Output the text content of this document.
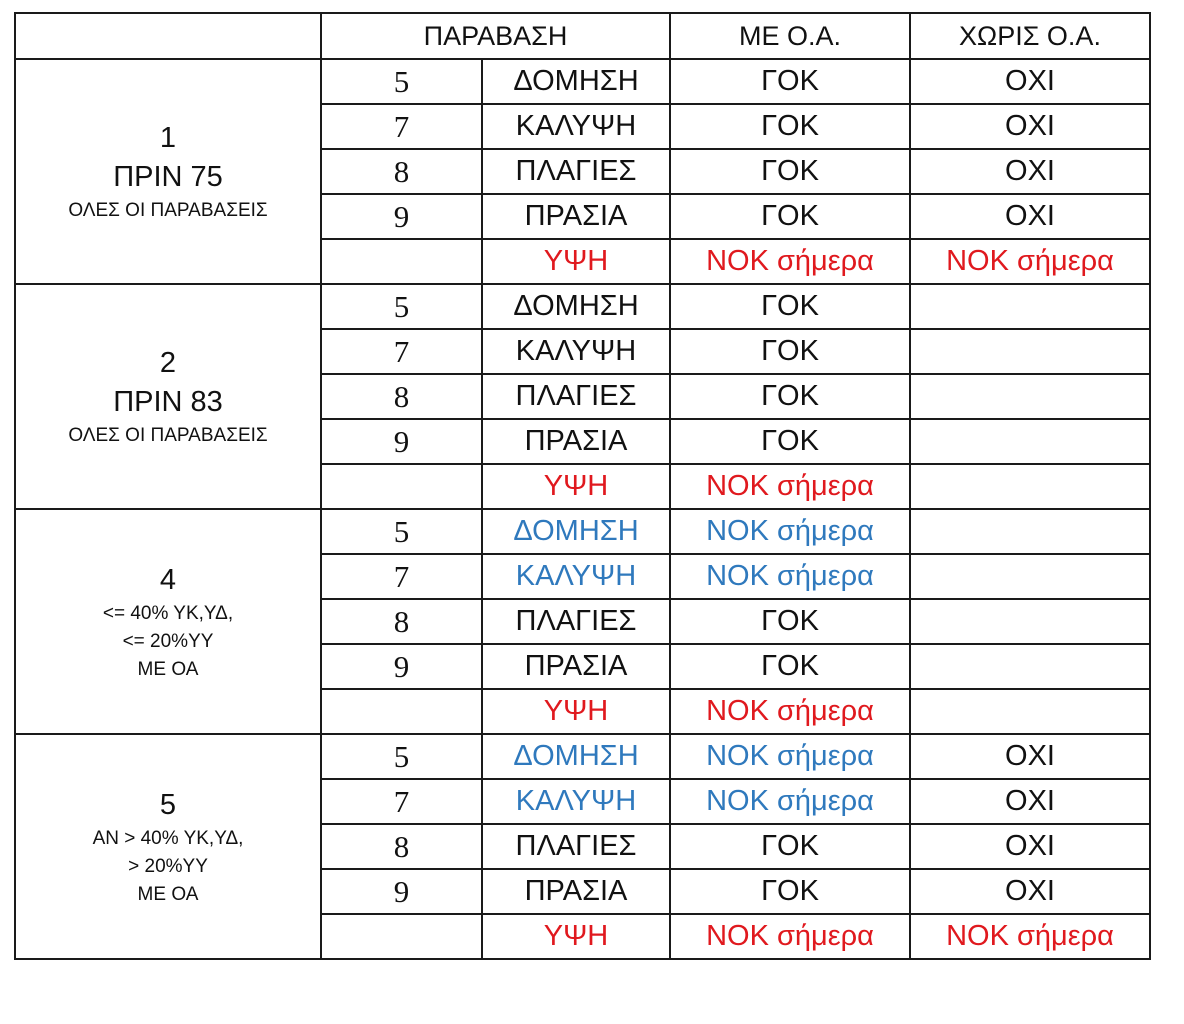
	ΠΑΡΑΒΑΣΗ		ΜΕ Ο.Α.	ΧΩΡΙΣ Ο.Α.

1
ΠΡΙΝ 75
ΟΛΕΣ ΟΙ ΠΑΡΑΒΑΣΕΙΣ	5	ΔΟΜΗΣΗ	ΓΟΚ	ΟΧΙ
	7	ΚΑΛΥΨΗ	ΓΟΚ	ΟΧΙ
	8	ΠΛΑΓΙΕΣ	ΓΟΚ	ΟΧΙ
	9	ΠΡΑΣΙΑ	ΓΟΚ	ΟΧΙ
		ΥΨΗ	ΝΟΚ σήμερα	ΝΟΚ σήμερα

2
ΠΡΙΝ 83
ΟΛΕΣ ΟΙ ΠΑΡΑΒΑΣΕΙΣ	5	ΔΟΜΗΣΗ	ΓΟΚ	
	7	ΚΑΛΥΨΗ	ΓΟΚ	
	8	ΠΛΑΓΙΕΣ	ΓΟΚ	
	9	ΠΡΑΣΙΑ	ΓΟΚ	
		ΥΨΗ	ΝΟΚ σήμερα	

4
<= 40% ΥΚ,ΥΔ,
<= 20%ΥΥ
ΜΕ ΟΑ	5	ΔΟΜΗΣΗ	ΝΟΚ σήμερα	
	7	ΚΑΛΥΨΗ	ΝΟΚ σήμερα	
	8	ΠΛΑΓΙΕΣ	ΓΟΚ	
	9	ΠΡΑΣΙΑ	ΓΟΚ	
		ΥΨΗ	ΝΟΚ σήμερα	

5
ΑΝ > 40% ΥΚ,ΥΔ,
> 20%ΥΥ
ΜΕ ΟΑ	5	ΔΟΜΗΣΗ	ΝΟΚ σήμερα	ΟΧΙ
	7	ΚΑΛΥΨΗ	ΝΟΚ σήμερα	ΟΧΙ
	8	ΠΛΑΓΙΕΣ	ΓΟΚ	ΟΧΙ
	9	ΠΡΑΣΙΑ	ΓΟΚ	ΟΧΙ
		ΥΨΗ	ΝΟΚ σήμερα	ΝΟΚ σήμερα
